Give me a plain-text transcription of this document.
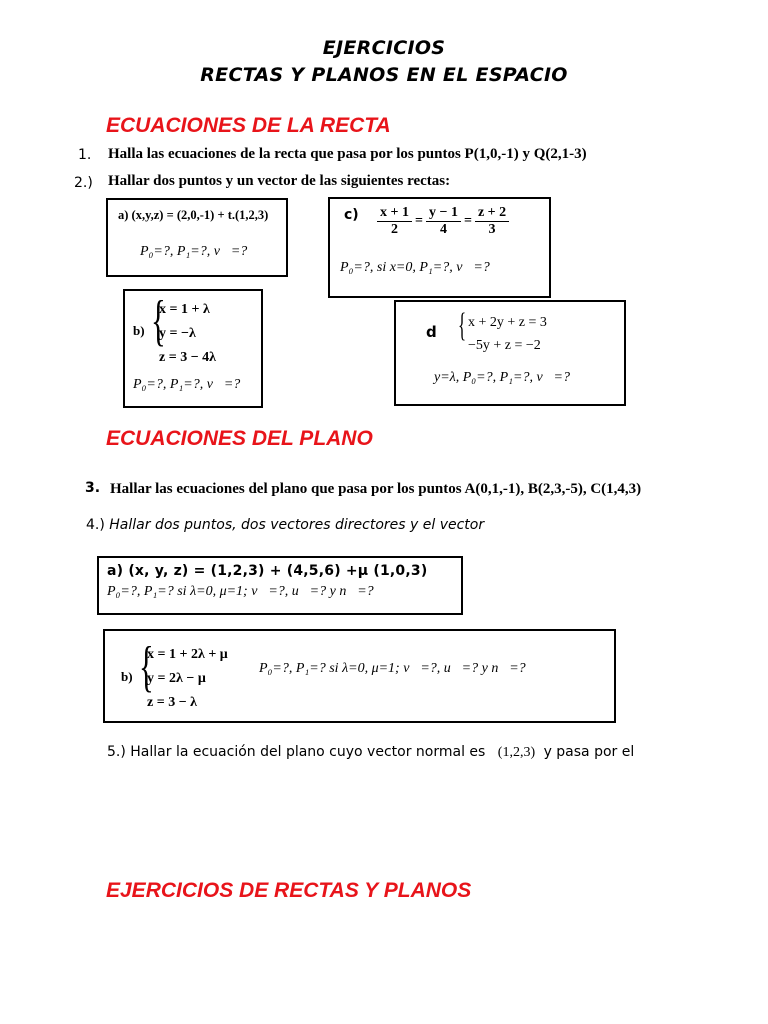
EJERCICIOS
RECTAS Y PLANOS EN EL ESPACIO
ECUACIONES DE LA RECTA
1. Halla las ecuaciones de la recta que pasa por los puntos P(1,0,-1) y Q(2,1-3)
2.) Hallar dos puntos y un vector de las siguientes rectas:
a) (x,y,z) = (2,0,-1) + t.(1,2,3)
P₀=?, P₁=?, v⃗=?
$c) \frac{x + 1}{2} = \frac{y - 1}{4} = \frac{z + 2}{3}$
P₀=?, si x=0, P₁=?, v⃗=?
b) {
x = 1 + λ
y = −λ
z = 3 − 4λ
P₀=?, P₁=?, v⃗=?
d { x + 2y + z = 3
−5y + z = −2
y=λ, P₀=?, P₁=?, v⃗=?
ECUACIONES DEL PLANO
3. Hallar las ecuaciones del plano que pasa por los puntos A(0,1,-1), B(2,3,-5), C(1,4,3)
4.) Hallar dos puntos, dos vectores directores y el vector
a) (x, y, z) = (1,2,3) + (4,5,6) +μ (1,0,3)
P₀=?, P₁=? si λ=0, μ=1; v⃗=?, u⃗=? y n⃗=?
b) {
x = 1 + 2λ + μ
y = 2λ − μ
z = 3 − λ
P₀=?, P₁=? si λ=0, μ=1; v⃗=?, u⃗=? y n⃗=?
5.) Hallar la ecuación del plano cuyo vector normal es (1,2,3) y pasa por el
EJERCICIOS DE RECTAS Y PLANOS
